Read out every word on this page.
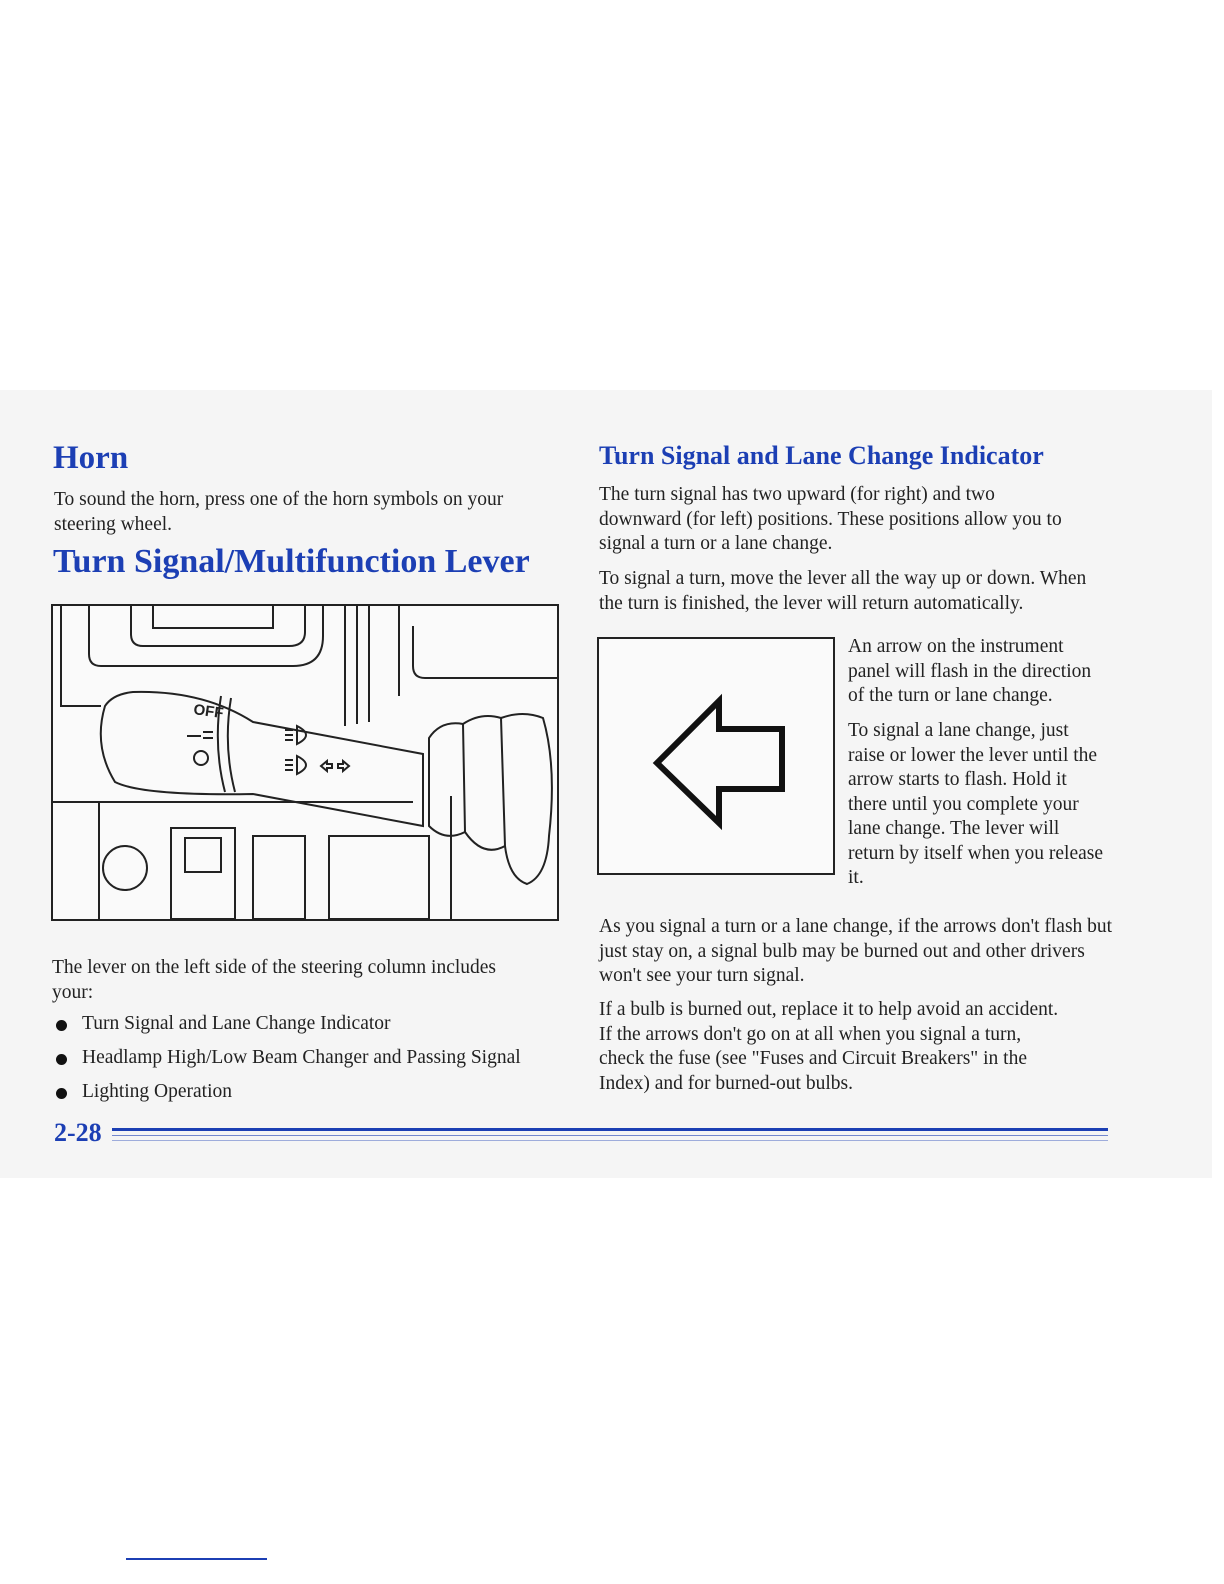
Horn

To sound the horn, press one of the horn symbols on your steering wheel.

Turn Signal/Multifunction Lever
OFF

The lever on the left side of the steering column includes your:

Turn Signal and Lane Change Indicator
Headlamp High/Low Beam Changer and Passing Signal
Lighting Operation
Turn Signal and Lane Change Indicator

The turn signal has two upward (for right) and two downward (for left) positions. These positions allow you to signal a turn or a lane change.

To signal a turn, move the lever all the way up or down. When the turn is finished, the lever will return automatically.

An arrow on the instrument panel will flash in the direction of the turn or lane change.

To signal a lane change, just raise or lower the lever until the arrow starts to flash. Hold it there until you complete your lane change. The lever will return by itself when you release it.

As you signal a turn or a lane change, if the arrows don't flash but just stay on, a signal bulb may be burned out and other drivers won't see your turn signal.

If a bulb is burned out, replace it to help avoid an accident. If the arrows don't go on at all when you signal a turn, check the fuse (see "Fuses and Circuit Breakers" in the Index) and for burned-out bulbs.

2-28
